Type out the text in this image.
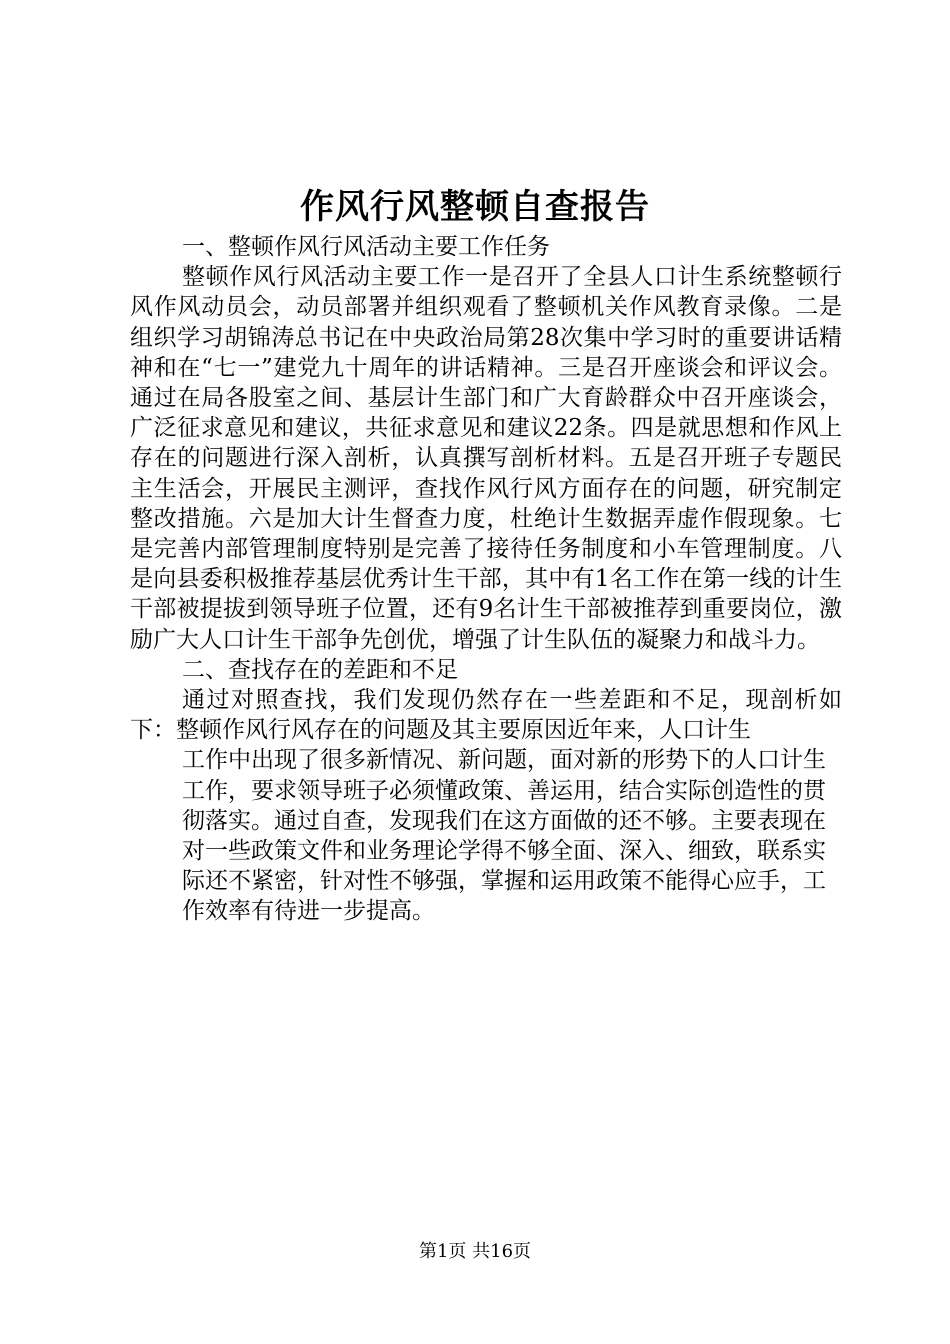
作风行风整顿自查报告

一、整顿作风行风活动主要工作任务

整顿作风行风活动主要工作一是召开了全县人口计生系统整顿行风作风动员会，动员部署并组织观看了整顿机关作风教育录像。二是组织学习胡锦涛总书记在中央政治局第28次集中学习时的重要讲话精神和在“七一”建党九十周年的讲话精神。三是召开座谈会和评议会。通过在局各股室之间、基层计生部门和广大育龄群众中召开座谈会，广泛征求意见和建议，共征求意见和建议22条。四是就思想和作风上存在的问题进行深入剖析，认真撰写剖析材料。五是召开班子专题民主生活会，开展民主测评，查找作风行风方面存在的问题，研究制定整改措施。六是加大计生督查力度，杜绝计生数据弄虚作假现象。七是完善内部管理制度特别是完善了接待任务制度和小车管理制度。八是向县委积极推荐基层优秀计生干部，其中有1名工作在第一线的计生干部被提拔到领导班子位置，还有9名计生干部被推荐到重要岗位，激励广大人口计生干部争先创优，增强了计生队伍的凝聚力和战斗力。

二、查找存在的差距和不足

通过对照查找，我们发现仍然存在一些差距和不足，现剖析如下：整顿作风行风存在的问题及其主要原因近年来，人口计生

工作中出现了很多新情况、新问题，面对新的形势下的人口计生

工作，要求领导班子必须懂政策、善运用，结合实际创造性的贯

彻落实。通过自查，发现我们在这方面做的还不够。主要表现在

对一些政策文件和业务理论学得不够全面、深入、细致，联系实

际还不紧密，针对性不够强，掌握和运用政策不能得心应手，工

作效率有待进一步提高。

第1页 共16页
